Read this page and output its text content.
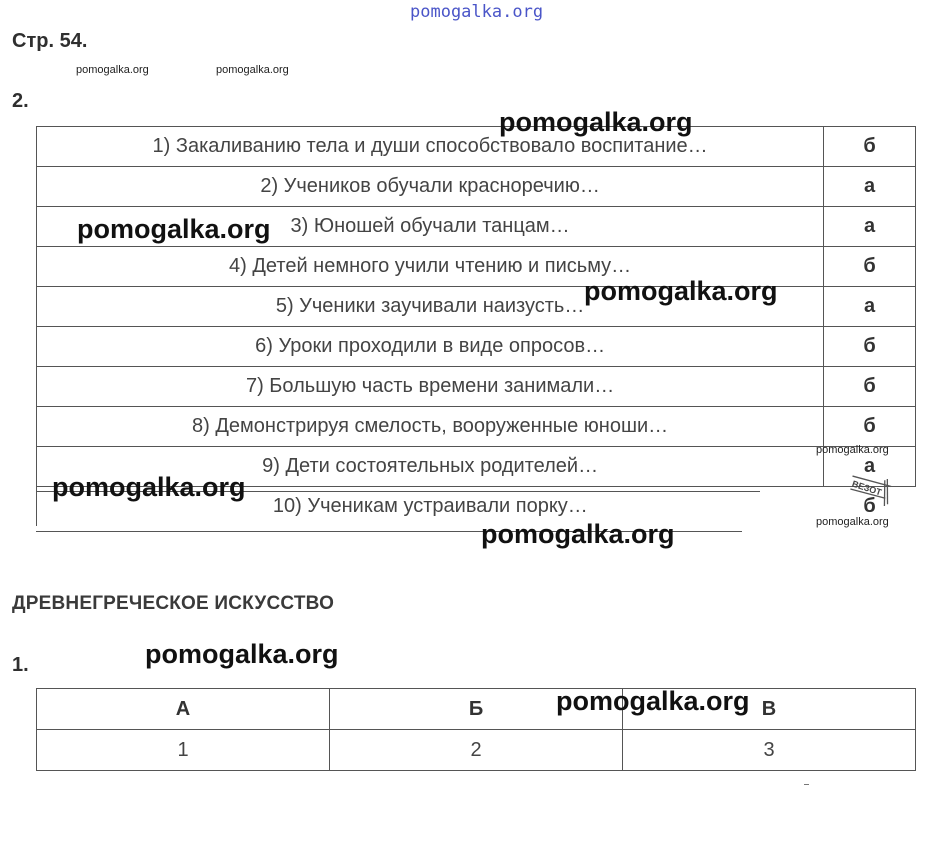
pomogalka.org
Стр. 54.
pomogalka.org	pomogalka.org
2.
1) Закаливанию тела и души способствовало воспитание…	б
2) Учеников обучали красноречию…	а
3) Юношей обучали танцам…	а
4) Детей немного учили чтению и письму…	б
5) Ученики заучивали наизусть…	а
6) Уроки проходили в виде опросов…	б
7) Большую часть времени занимали…	б
8) Демонстрируя смелость, вооруженные юноши…	б
9) Дети состоятельных родителей…	а
10) Ученикам устраивали порку…	б
ВЕЗОТ
pomogalka.org
pomogalka.org
pomogalka.org
pomogalka.org
pomogalka.org
pomogalka.org
pomogalka.org
ДРЕВНЕГРЕЧЕСКОЕ ИСКУССТВО
1.	pomogalka.org
А	Б	В
1	2	3
pomogalka.org
